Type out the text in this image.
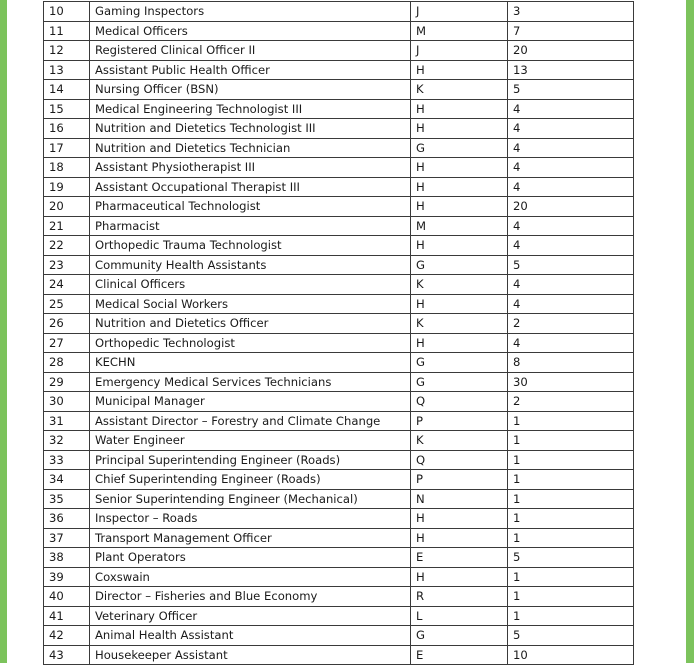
10	Gaming Inspectors	J	3
11	Medical Officers	M	7
12	Registered Clinical Officer II	J	20
13	Assistant Public Health Officer	H	13
14	Nursing Officer (BSN)	K	5
15	Medical Engineering Technologist III	H	4
16	Nutrition and Dietetics Technologist III	H	4
17	Nutrition and Dietetics Technician	G	4
18	Assistant Physiotherapist III	H	4
19	Assistant Occupational Therapist III	H	4
20	Pharmaceutical Technologist	H	20
21	Pharmacist	M	4
22	Orthopedic Trauma Technologist	H	4
23	Community Health Assistants	G	5
24	Clinical Officers	K	4
25	Medical Social Workers	H	4
26	Nutrition and Dietetics Officer	K	2
27	Orthopedic Technologist	H	4
28	KECHN	G	8
29	Emergency Medical Services Technicians	G	30
30	Municipal Manager	Q	2
31	Assistant Director – Forestry and Climate Change	P	1
32	Water Engineer	K	1
33	Principal Superintending Engineer (Roads)	Q	1
34	Chief Superintending Engineer (Roads)	P	1
35	Senior Superintending Engineer (Mechanical)	N	1
36	Inspector – Roads	H	1
37	Transport Management Officer	H	1
38	Plant Operators	E	5
39	Coxswain	H	1
40	Director – Fisheries and Blue Economy	R	1
41	Veterinary Officer	L	1
42	Animal Health Assistant	G	5
43	Housekeeper Assistant	E	10
